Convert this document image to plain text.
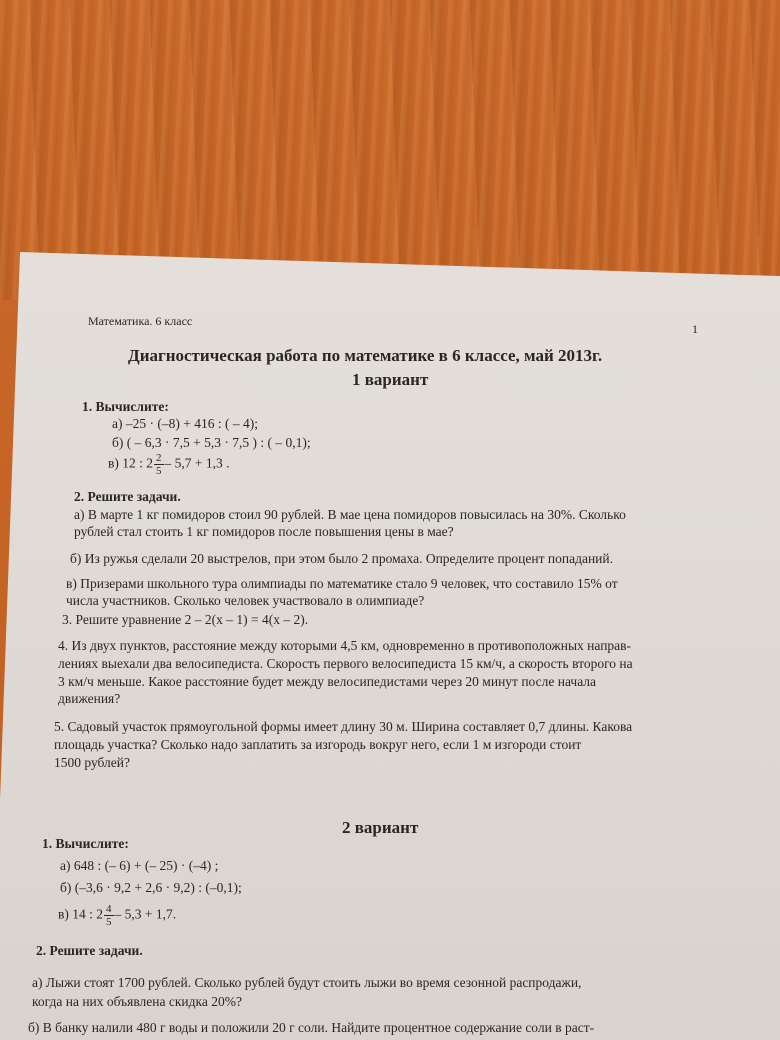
Математика. 6 класс
1
Диагностическая работа по математике в 6 классе, май 2013г.
1 вариант
1. Вычислите:
а) –25 · (–8) + 416 : ( – 4);
б) ( – 6,3 · 7,5 + 5,3 · 7,5 ) : ( – 0,1);
в) 12 : $2 \frac{2}{5} - 5,7 + 1,3$ .
2. Решите задачи.
а) В марте 1 кг помидоров стоил 90 рублей. В мае цена помидоров повысилась на 30%. Сколько
рублей стал стоить 1 кг помидоров после повышения цены в мае?
б) Из ружья сделали 20 выстрелов, при этом было 2 промаха. Определите процент попаданий.
в) Призерами школьного тура олимпиады по математике стало 9 человек, что составило 15% от
числа участников. Сколько человек участвовало в олимпиаде?
3. Решите уравнение 2 – 2(x – 1) = 4(x – 2).
4. Из двух пунктов, расстояние между которыми 4,5 км, одновременно в противоположных направ-
лениях выехали два велосипедиста. Скорость первого велосипедиста 15 км/ч, а скорость второго на
3 км/ч меньше. Какое расстояние будет между велосипедистами через 20 минут после начала
движения?
5. Садовый участок прямоугольной формы имеет длину 30 м. Ширина составляет 0,7 длины. Какова
площадь участка? Сколько надо заплатить за изгородь вокруг него, если 1 м изгороди стоит
1500 рублей?
2 вариант
1. Вычислите:
а) 648 : (– 6) + (– 25) · (–4) ;
б) (–3,6 · 9,2 + 2,6 · 9,2) : (–0,1);
в) 14 : $2 \frac{4}{5} - 5,3 + 1,7$.
2. Решите задачи.
а) Лыжи стоят 1700 рублей. Сколько рублей будут стоить лыжи во время сезонной распродажи,
когда на них объявлена скидка 20%?
б) В банку налили 480 г воды и положили 20 г соли. Найдите процентное содержание соли в раст-
